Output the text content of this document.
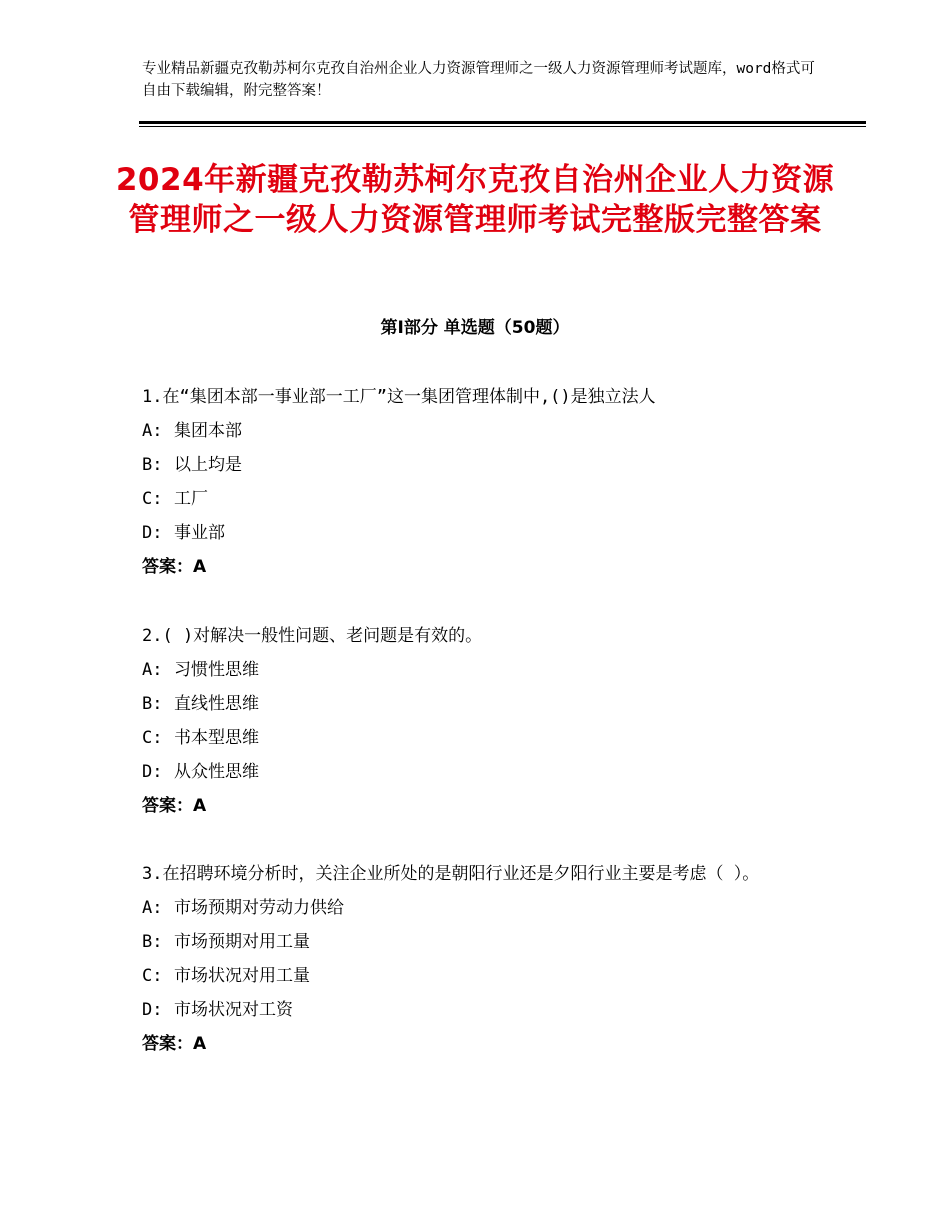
专业精品新疆克孜勒苏柯尔克孜自治州企业人力资源管理师之一级人力资源管理师考试题库，word格式可自由下载编辑，附完整答案！
2024年新疆克孜勒苏柯尔克孜自治州企业人力资源管理师之一级人力资源管理师考试完整版完整答案
第Ⅰ部分 单选题（50题）
1.在“集团本部一事业部一工厂”这一集团管理体制中,()是独立法人
A: 集团本部
B: 以上均是
C: 工厂
D: 事业部
答案：A
2.( )对解决一般性问题、老问题是有效的。
A: 习惯性思维
B: 直线性思维
C: 书本型思维
D: 从众性思维
答案：A
3.在招聘环境分析时，关注企业所处的是朝阳行业还是夕阳行业主要是考虑（ ）。
A: 市场预期对劳动力供给
B: 市场预期对用工量
C: 市场状况对用工量
D: 市场状况对工资
答案：A
